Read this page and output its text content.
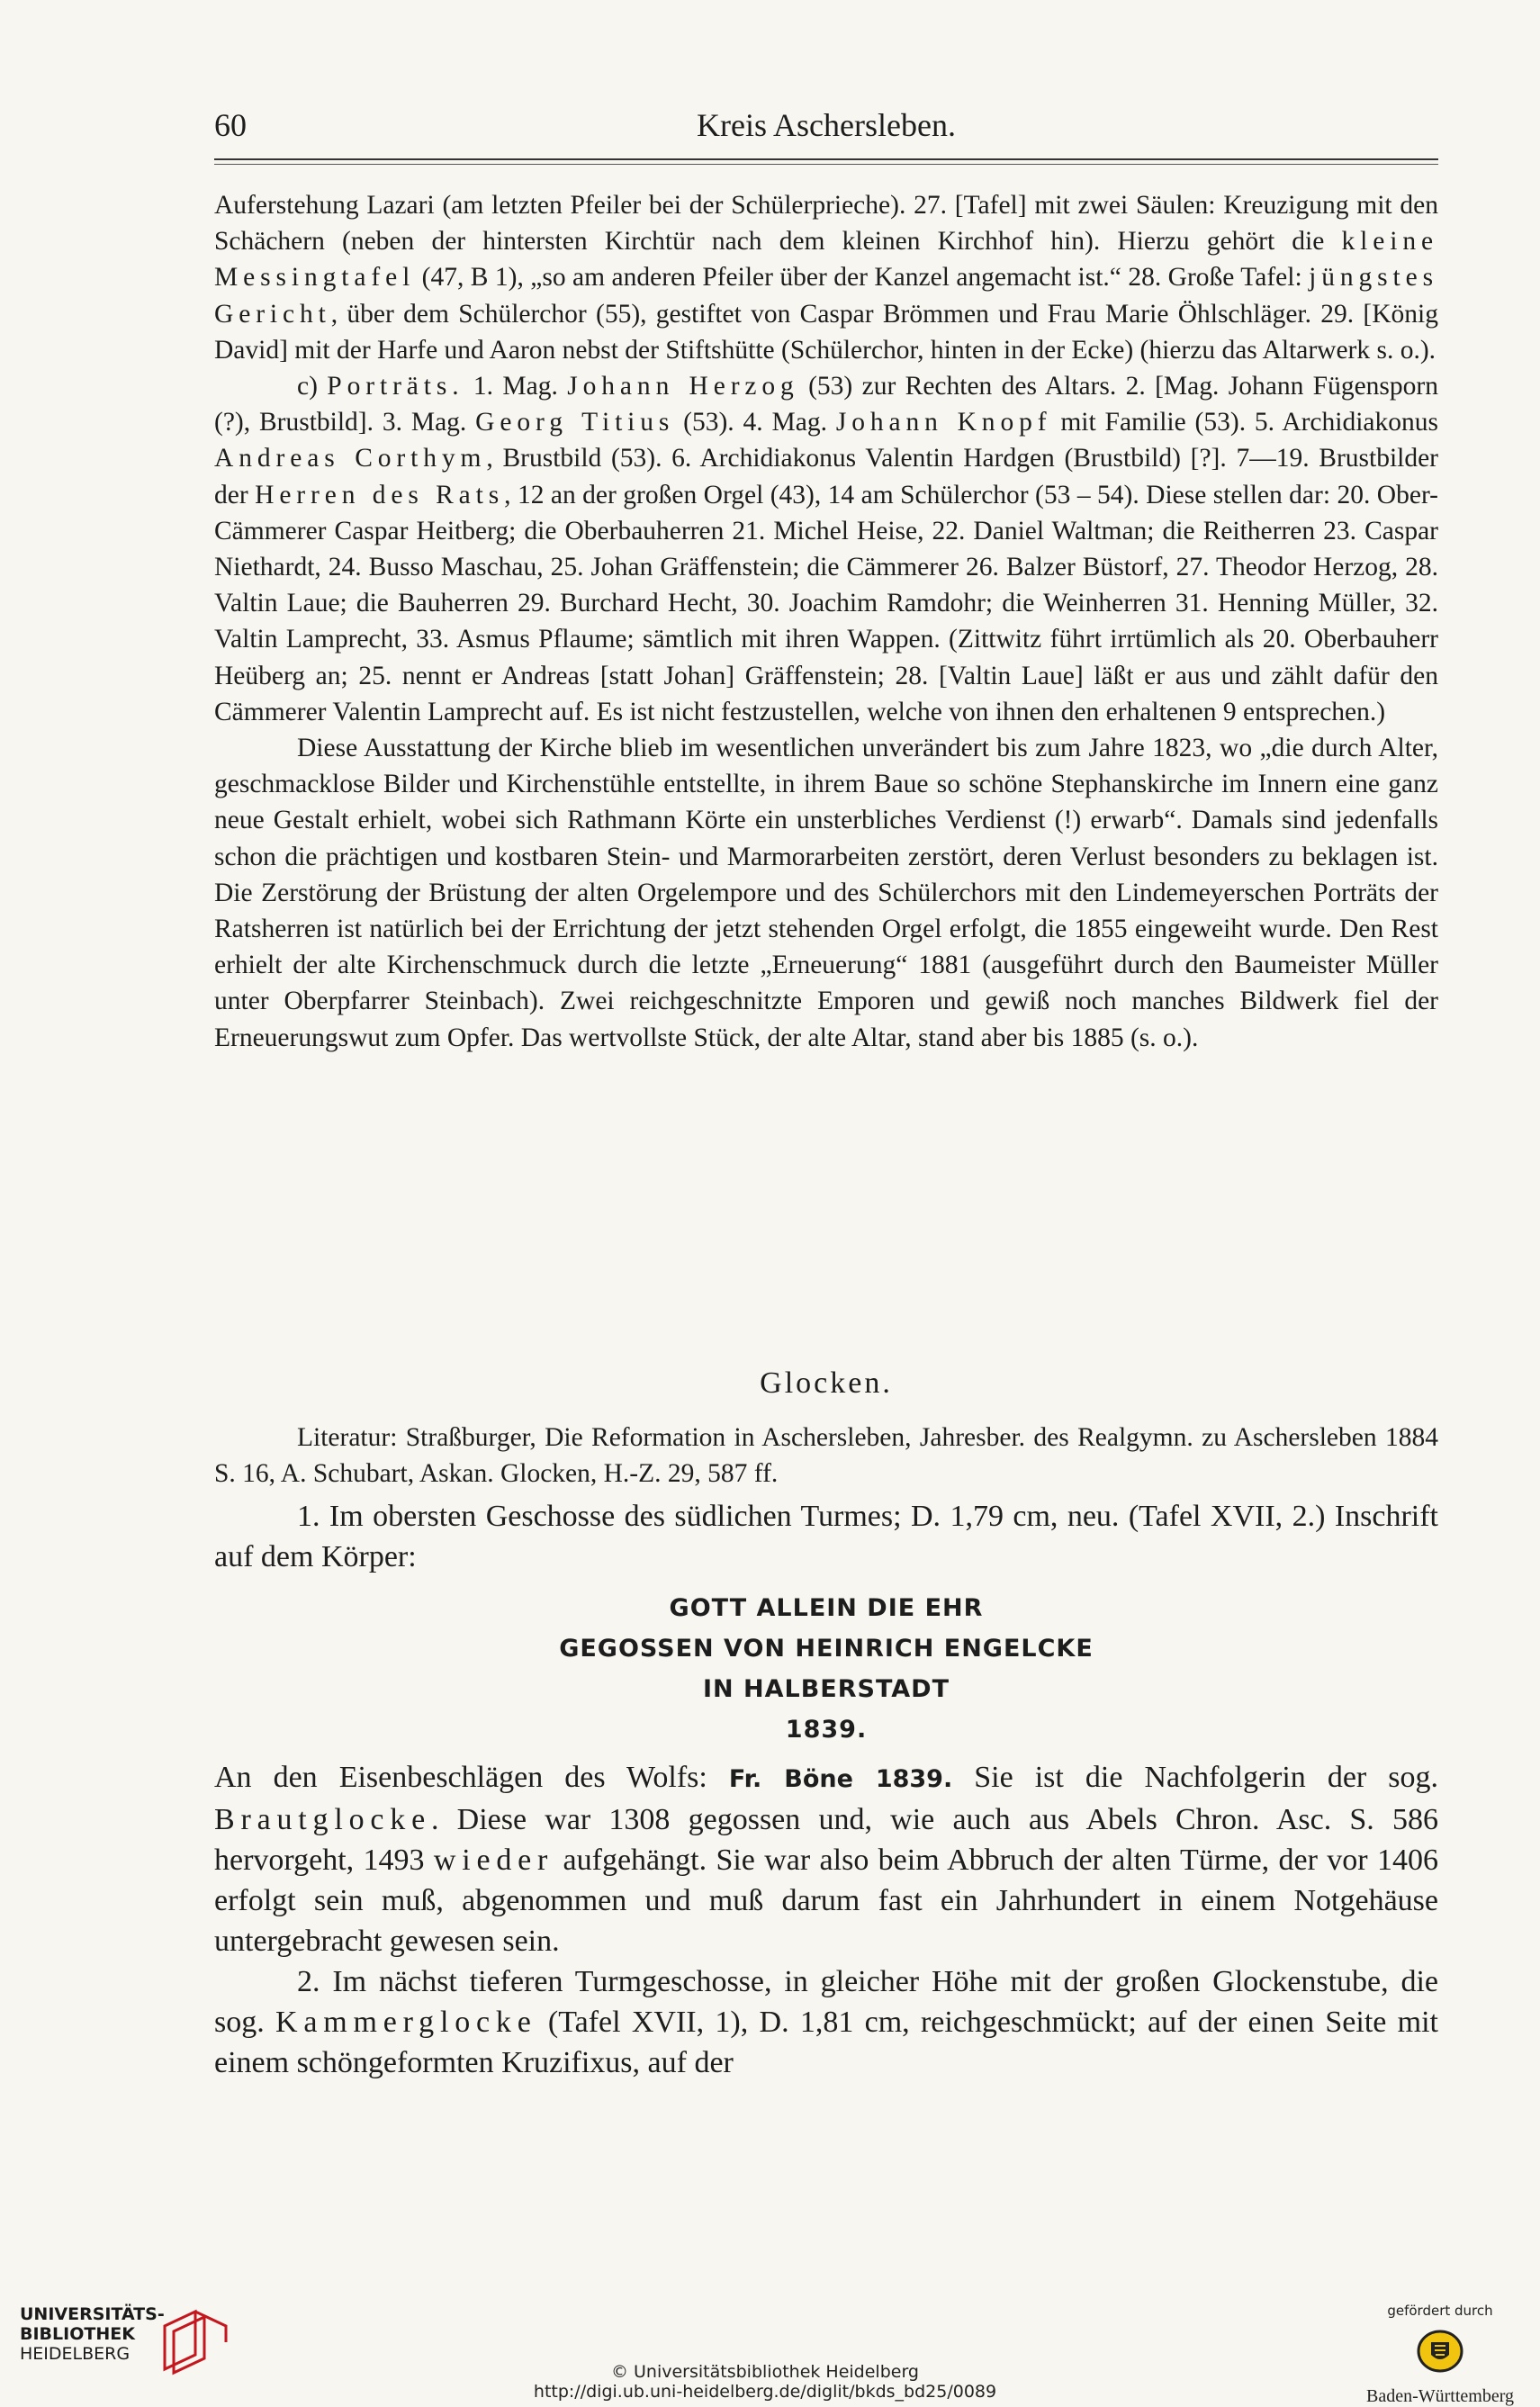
60	Kreis Aschersleben.

Auferstehung Lazari (am letzten Pfeiler bei der Schülerprieche). 27. [Tafel] mit zwei Säulen: Kreuzigung mit den Schächern (neben der hintersten Kirchtür nach dem kleinen Kirchhof hin). Hierzu gehört die kleine Messingtafel (47, B 1), „so am anderen Pfeiler über der Kanzel angemacht ist.“ 28. Große Tafel: jüngstes Gericht, über dem Schülerchor (55), gestiftet von Caspar Brömmen und Frau Marie Öhlschläger. 29. [König David] mit der Harfe und Aaron nebst der Stiftshütte (Schülerchor, hinten in der Ecke) (hierzu das Altarwerk s. o.).

c) Porträts. 1. Mag. Johann Herzog (53) zur Rechten des Altars. 2. [Mag. Johann Fügensporn (?), Brustbild]. 3. Mag. Georg Titius (53). 4. Mag. Johann Knopf mit Familie (53). 5. Archidiakonus Andreas Corthym, Brustbild (53). 6. Archidiakonus Valentin Hardgen (Brustbild) [?]. 7—19. Brustbilder der Herren des Rats, 12 an der großen Orgel (43), 14 am Schülerchor (53 – 54). Diese stellen dar: 20. Ober-Cämmerer Caspar Heitberg; die Oberbauherren 21. Michel Heise, 22. Daniel Waltman; die Reitherren 23. Caspar Niethardt, 24. Busso Maschau, 25. Johan Gräffenstein; die Cämmerer 26. Balzer Büstorf, 27. Theodor Herzog, 28. Valtin Laue; die Bauherren 29. Burchard Hecht, 30. Joachim Ramdohr; die Weinherren 31. Henning Müller, 32. Valtin Lamprecht, 33. Asmus Pflaume; sämtlich mit ihren Wappen. (Zittwitz führt irrtümlich als 20. Oberbauherr Heüberg an; 25. nennt er Andreas [statt Johan] Gräffenstein; 28. [Valtin Laue] läßt er aus und zählt dafür den Cämmerer Valentin Lamprecht auf. Es ist nicht festzustellen, welche von ihnen den erhaltenen 9 entsprechen.)

Diese Ausstattung der Kirche blieb im wesentlichen unverändert bis zum Jahre 1823, wo „die durch Alter, geschmacklose Bilder und Kirchenstühle entstellte, in ihrem Baue so schöne Stephanskirche im Innern eine ganz neue Gestalt erhielt, wobei sich Rathmann Körte ein unsterbliches Verdienst (!) erwarb“. Damals sind jedenfalls schon die prächtigen und kostbaren Stein- und Marmorarbeiten zerstört, deren Verlust besonders zu beklagen ist. Die Zerstörung der Brüstung der alten Orgelempore und des Schülerchors mit den Lindemeyerschen Porträts der Ratsherren ist natürlich bei der Errichtung der jetzt stehenden Orgel erfolgt, die 1855 eingeweiht wurde. Den Rest erhielt der alte Kirchenschmuck durch die letzte „Erneuerung“ 1881 (ausgeführt durch den Baumeister Müller unter Oberpfarrer Steinbach). Zwei reichgeschnitzte Emporen und gewiß noch manches Bildwerk fiel der Erneuerungswut zum Opfer. Das wertvollste Stück, der alte Altar, stand aber bis 1885 (s. o.).

Glocken.

Literatur: Straßburger, Die Reformation in Aschersleben, Jahresber. des Realgymn. zu Aschersleben 1884 S. 16, A. Schubart, Askan. Glocken, H.-Z. 29, 587 ff.

1. Im obersten Geschosse des südlichen Turmes; D. 1,79 cm, neu. (Tafel XVII, 2.) Inschrift auf dem Körper:

GOTT ALLEIN DIE EHR
GEGOSSEN VON HEINRICH ENGELCKE
IN HALBERSTADT
1839.

An den Eisenbeschlägen des Wolfs: Fr. Böne 1839. Sie ist die Nachfolgerin der sog. Brautglocke. Diese war 1308 gegossen und, wie auch aus Abels Chron. Asc. S. 586 hervorgeht, 1493 wieder aufgehängt. Sie war also beim Abbruch der alten Türme, der vor 1406 erfolgt sein muß, abgenommen und muß darum fast ein Jahrhundert in einem Notgehäuse untergebracht gewesen sein.

2. Im nächst tieferen Turmgeschosse, in gleicher Höhe mit der großen Glockenstube, die sog. Kammerglocke (Tafel XVII, 1), D. 1,81 cm, reichgeschmückt; auf der einen Seite mit einem schöngeformten Kruzifixus, auf der

UNIVERSITÄTS-
BIBLIOTHEK
HEIDELBERG
© Universitätsbibliothek Heidelberg
http://digi.ub.uni-heidelberg.de/diglit/bkds_bd25/0089
gefördert durch
Baden-Württemberg
